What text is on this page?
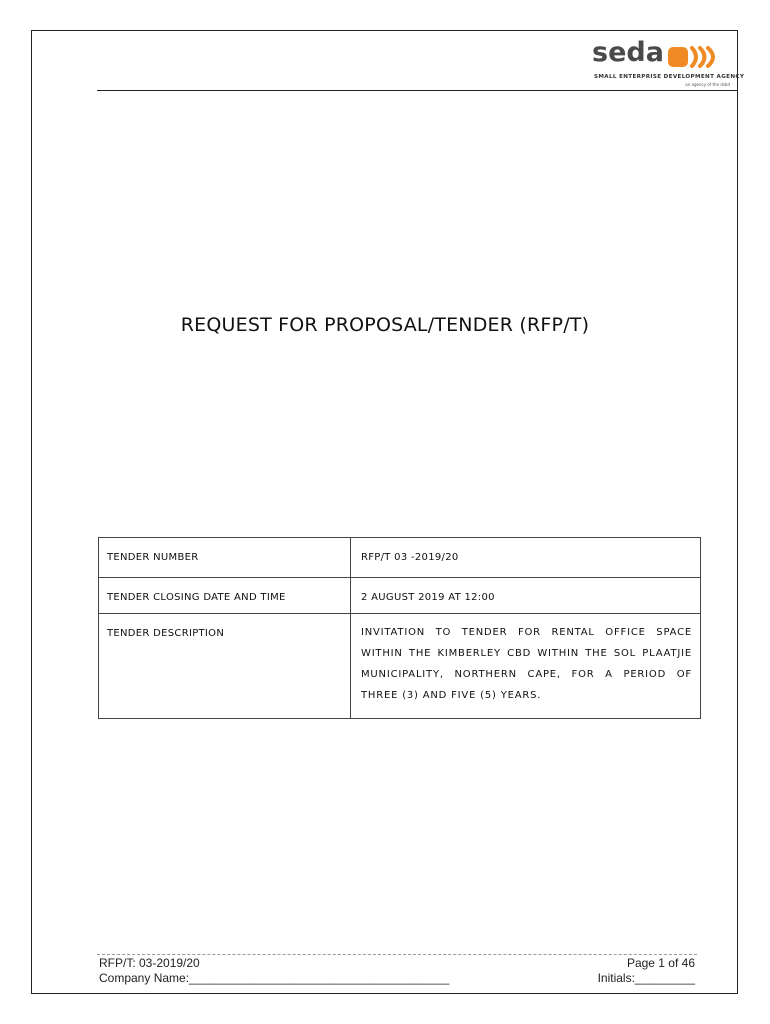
seda
SMALL ENTERPRISE DEVELOPMENT AGENCY
an agency of the dsbd
REQUEST FOR PROPOSAL/TENDER (RFP/T)
TENDER NUMBER	RFP/T 03 -2019/20
TENDER CLOSING DATE AND TIME	2 AUGUST 2019 AT 12:00
TENDER DESCRIPTION	INVITATION TO TENDER FOR RENTAL OFFICE SPACE WITHIN THE KIMBERLEY CBD WITHIN THE SOL PLAATJIE MUNICIPALITY, NORTHERN CAPE, FOR A PERIOD OF THREE (3) AND FIVE (5) YEARS.
RFP/T: 03-2019/20
Company Name:_______________________________________
Page 1 of 46
Initials:_________
